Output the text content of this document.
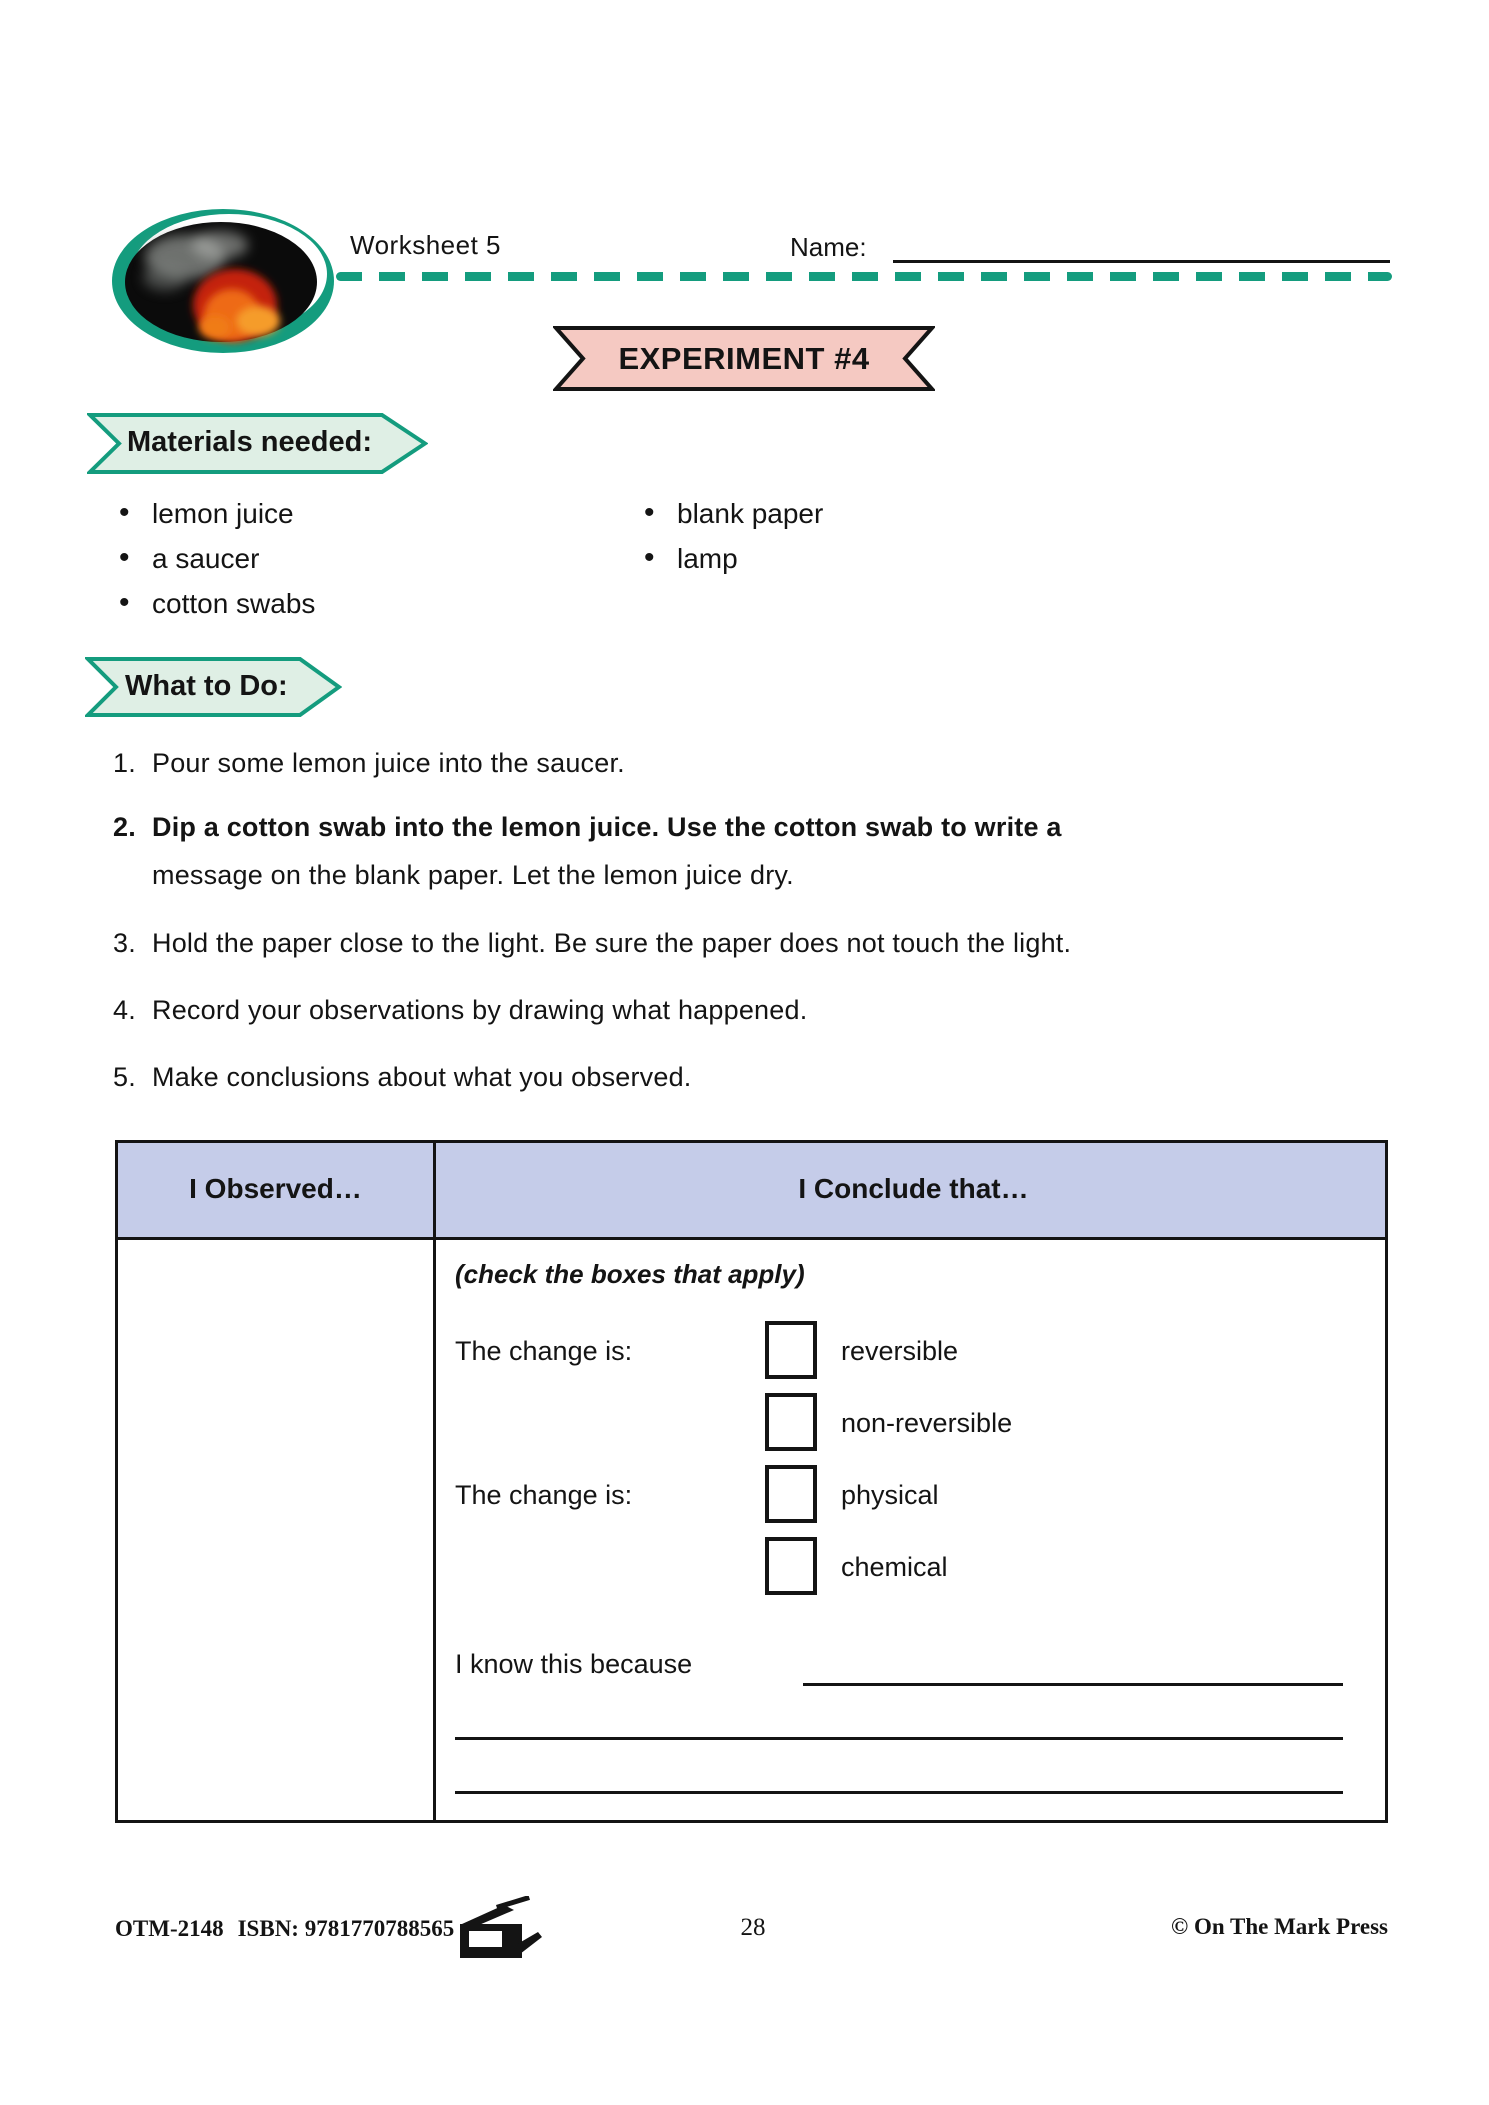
Worksheet 5	Name:
EXPERIMENT #4
Materials needed:
• lemon juice
• a saucer
• cotton swabs
• blank paper
• lamp
What to Do:
1. Pour some lemon juice into the saucer.
2. Dip a cotton swab into the lemon juice. Use the cotton swab to write a
message on the blank paper. Let the lemon juice dry.
3. Hold the paper close to the light. Be sure the paper does not touch the light.
4. Record your observations by drawing what happened.
5. Make conclusions about what you observed.
I Observed…	I Conclude that…
(check the boxes that apply)
The change is:	reversible
non-reversible
The change is:	physical
chemical
I know this because
OTM-2148 ISBN: 9781770788565	28	© On The Mark Press
